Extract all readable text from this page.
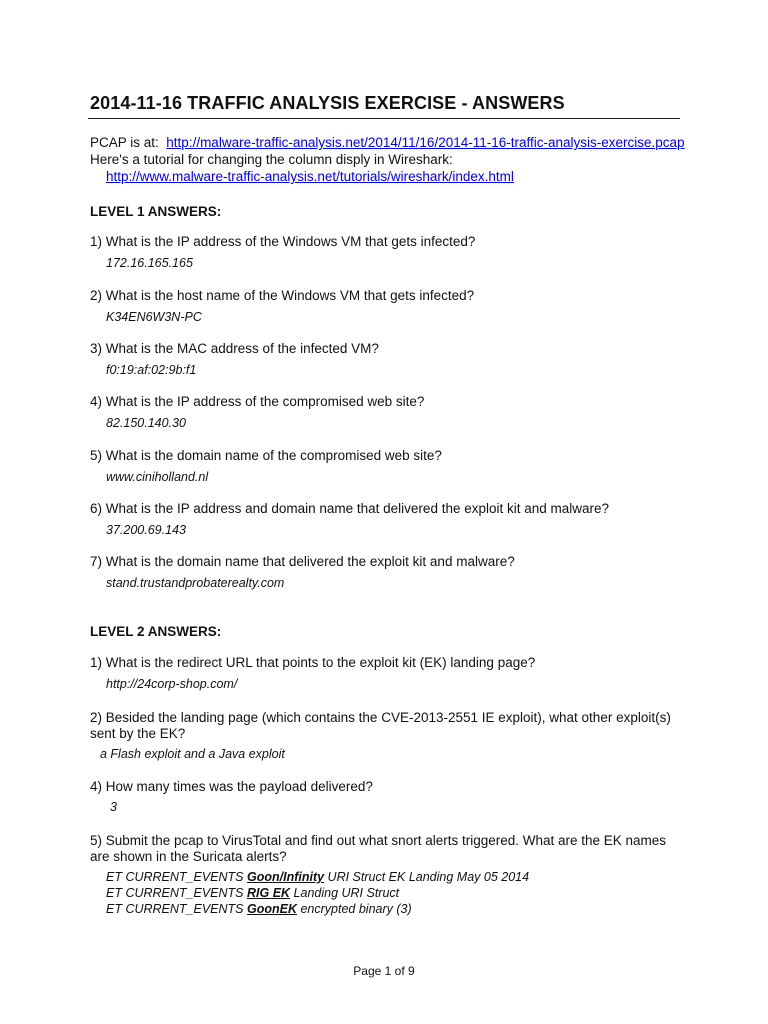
2014-11-16 TRAFFIC ANALYSIS EXERCISE - ANSWERS
PCAP is at: http://malware-traffic-analysis.net/2014/11/16/2014-11-16-traffic-analysis-exercise.pcap
Here's a tutorial for changing the column disply in Wireshark:
http://www.malware-traffic-analysis.net/tutorials/wireshark/index.html
LEVEL 1 ANSWERS:
1) What is the IP address of the Windows VM that gets infected?
172.16.165.165
2) What is the host name of the Windows VM that gets infected?
K34EN6W3N-PC
3) What is the MAC address of the infected VM?
f0:19:af:02:9b:f1
4) What is the IP address of the compromised web site?
82.150.140.30
5) What is the domain name of the compromised web site?
www.ciniholland.nl
6) What is the IP address and domain name that delivered the exploit kit and malware?
37.200.69.143
7) What is the domain name that delivered the exploit kit and malware?
stand.trustandprobaterealty.com
LEVEL 2 ANSWERS:
1) What is the redirect URL that points to the exploit kit (EK) landing page?
http://24corp-shop.com/
2) Besided the landing page (which contains the CVE-2013-2551 IE exploit), what other exploit(s)
sent by the EK?
a Flash exploit and a Java exploit
4) How many times was the payload delivered?
3
5) Submit the pcap to VirusTotal and find out what snort alerts triggered. What are the EK names
are shown in the Suricata alerts?
ET CURRENT_EVENTS Goon/Infinity URI Struct EK Landing May 05 2014
ET CURRENT_EVENTS RIG EK Landing URI Struct
ET CURRENT_EVENTS GoonEK encrypted binary (3)
Page 1 of 9
